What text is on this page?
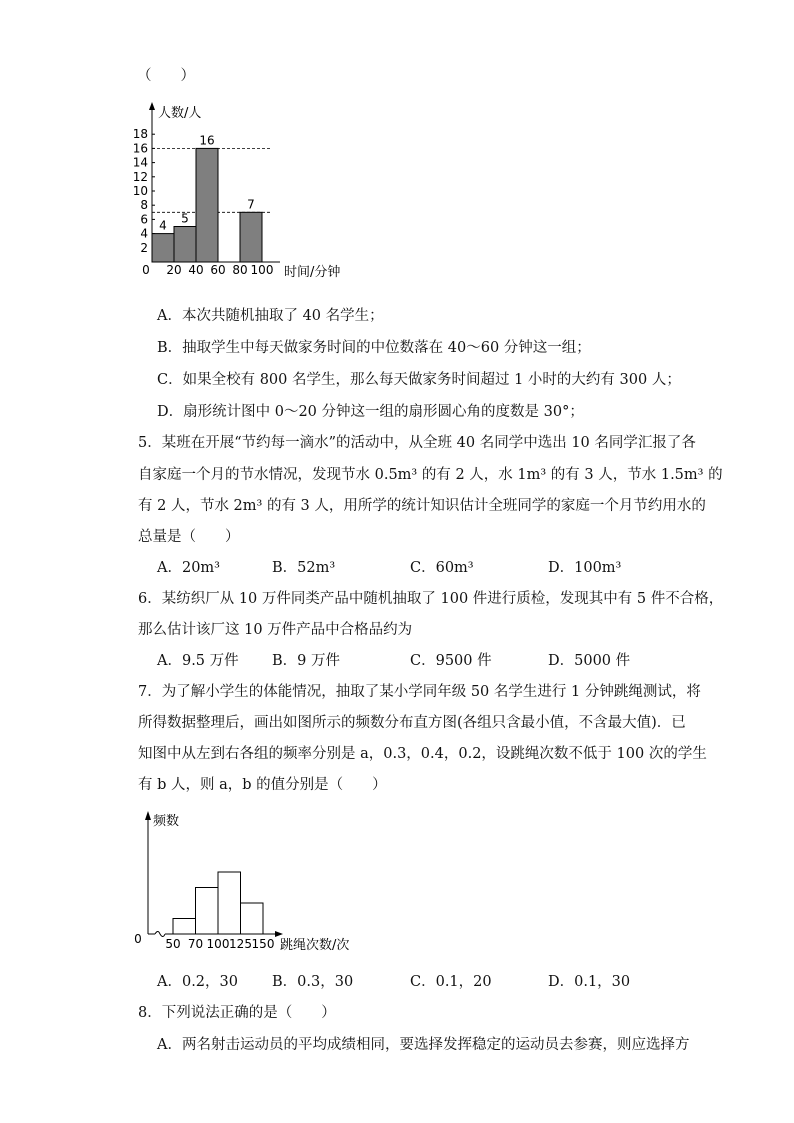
（　　）
18
16
14
12
10
8
6
4
2
0 20 40 60 80 100
人数/人
时间/分钟
4
5
16
7
A．本次共随机抽取了 40 名学生；
B．抽取学生中每天做家务时间的中位数落在 40～60 分钟这一组；
C．如果全校有 800 名学生，那么每天做家务时间超过 1 小时的大约有 300 人；
D．扇形统计图中 0～20 分钟这一组的扇形圆心角的度数是 30°；
5．某班在开展“节约每一滴水”的活动中，从全班 40 名同学中选出 10 名同学汇报了各
自家庭一个月的节水情况，发现节水 0.5m³ 的有 2 人，水 1m³ 的有 3 人，节水 1.5m³ 的
有 2 人，节水 2m³ 的有 3 人，用所学的统计知识估计全班同学的家庭一个月节约用水的
总量是（　　）
A．20m³	B．52m³	C．60m³	D．100m³
6．某纺织厂从 10 万件同类产品中随机抽取了 100 件进行质检，发现其中有 5 件不合格，
那么估计该厂这 10 万件产品中合格品约为
A．9.5 万件 B．9 万件	C．9500 件	D．5000 件
7．为了解小学生的体能情况，抽取了某小学同年级 50 名学生进行 1 分钟跳绳测试，将
所得数据整理后，画出如图所示的频数分布直方图(各组只含最小值，不含最大值)．已
知图中从左到右各组的频率分别是 a，0.3，0.4，0.2，设跳绳次数不低于 100 次的学生
有 b 人，则 a，b 的值分别是（　　）
0
频数
50 70 100 125 150 跳绳次数/次
A．0.2，30 B．0.3，30	C．0.1，20	D．0.1，30
8．下列说法正确的是（　　）
A．两名射击运动员的平均成绩相同，要选择发挥稳定的运动员去参赛，则应选择方
